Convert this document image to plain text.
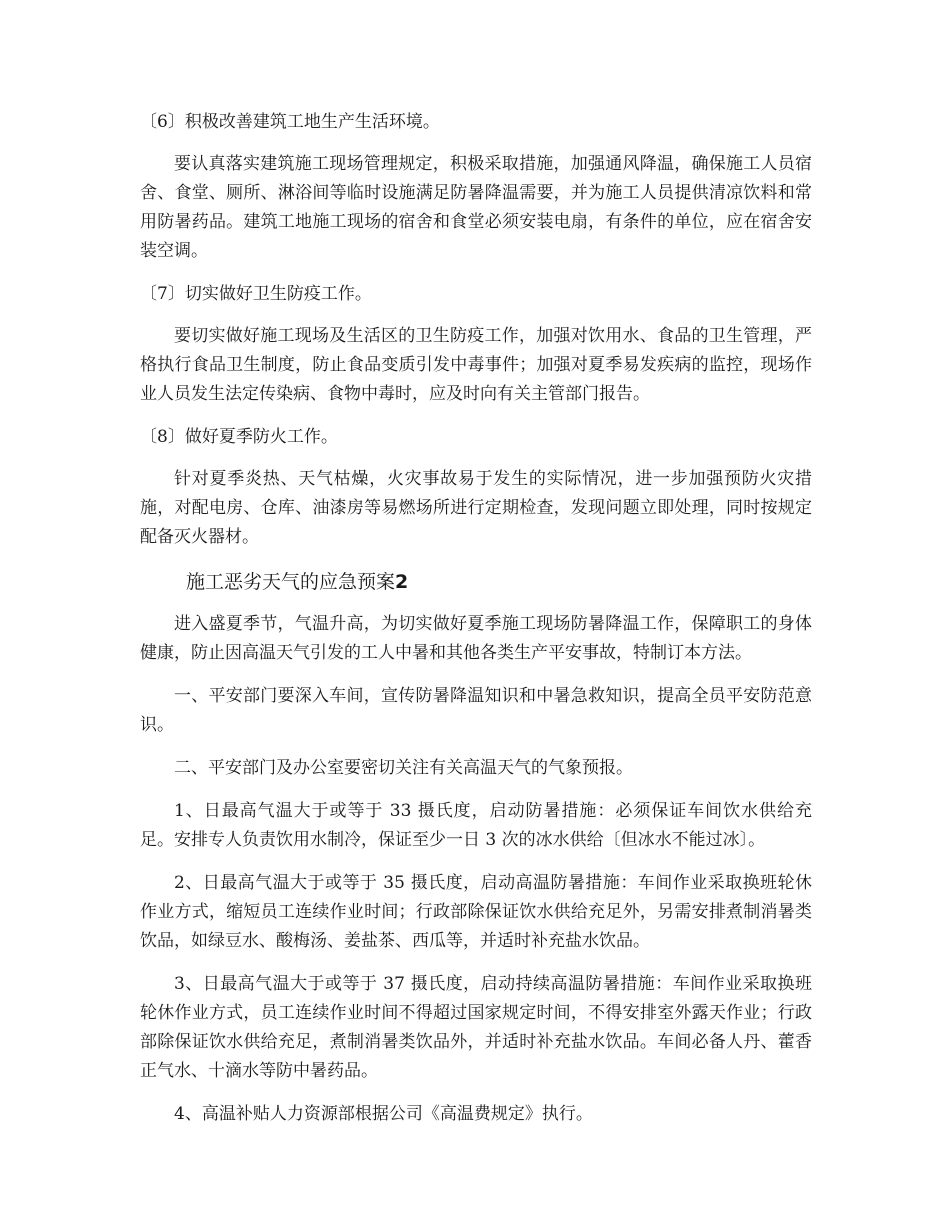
〔6〕积极改善建筑工地生产生活环境。
要认真落实建筑施工现场管理规定，积极采取措施，加强通风降温，确保施工人员宿舍、食堂、厕所、淋浴间等临时设施满足防暑降温需要，并为施工人员提供清凉饮料和常用防暑药品。建筑工地施工现场的宿舍和食堂必须安装电扇，有条件的单位，应在宿舍安装空调。
〔7〕切实做好卫生防疫工作。
要切实做好施工现场及生活区的卫生防疫工作，加强对饮用水、食品的卫生管理，严格执行食品卫生制度，防止食品变质引发中毒事件；加强对夏季易发疾病的监控，现场作业人员发生法定传染病、食物中毒时，应及时向有关主管部门报告。
〔8〕做好夏季防火工作。
针对夏季炎热、天气枯燥，火灾事故易于发生的实际情况，进一步加强预防火灾措施，对配电房、仓库、油漆房等易燃场所进行定期检查，发现问题立即处理，同时按规定配备灭火器材。
施工恶劣天气的应急预案2
进入盛夏季节，气温升高，为切实做好夏季施工现场防暑降温工作，保障职工的身体健康，防止因高温天气引发的工人中暑和其他各类生产平安事故，特制订本方法。
一、平安部门要深入车间，宣传防暑降温知识和中暑急救知识，提高全员平安防范意识。
二、平安部门及办公室要密切关注有关高温天气的气象预报。
1、日最高气温大于或等于 33 摄氏度，启动防暑措施：必须保证车间饮水供给充足。安排专人负责饮用水制冷，保证至少一日 3 次的冰水供给〔但冰水不能过冰〕。
2、日最高气温大于或等于 35 摄氏度，启动高温防暑措施：车间作业采取换班轮休作业方式，缩短员工连续作业时间；行政部除保证饮水供给充足外，另需安排煮制消暑类饮品，如绿豆水、酸梅汤、姜盐茶、西瓜等，并适时补充盐水饮品。
3、日最高气温大于或等于 37 摄氏度，启动持续高温防暑措施：车间作业采取换班轮休作业方式，员工连续作业时间不得超过国家规定时间，不得安排室外露天作业；行政部除保证饮水供给充足，煮制消暑类饮品外，并适时补充盐水饮品。车间必备人丹、藿香正气水、十滴水等防中暑药品。
4、高温补贴人力资源部根据公司《高温费规定》执行。
